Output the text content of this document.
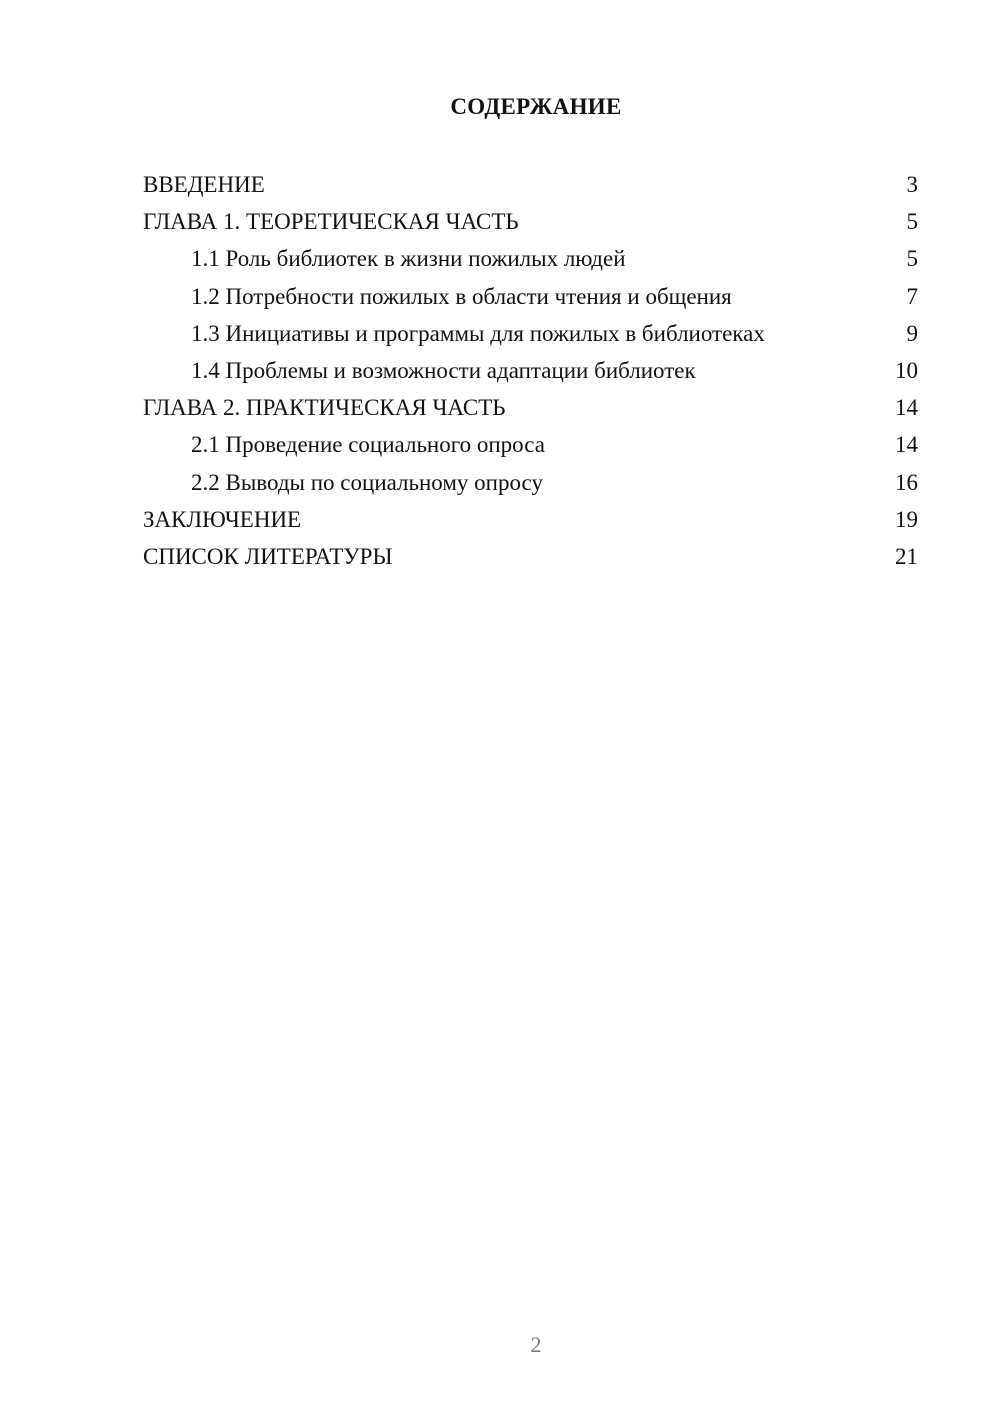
СОДЕРЖАНИЕ
ВВЕДЕНИЕ	3
ГЛАВА 1. ТЕОРЕТИЧЕСКАЯ ЧАСТЬ	5
1.1 Роль библиотек в жизни пожилых людей	5
1.2 Потребности пожилых в области чтения и общения	7
1.3 Инициативы и программы для пожилых в библиотеках	9
1.4 Проблемы и возможности адаптации библиотек	10
ГЛАВА 2. ПРАКТИЧЕСКАЯ ЧАСТЬ	14
2.1 Проведение социального опроса	14
2.2 Выводы по социальному опросу	16
ЗАКЛЮЧЕНИЕ	19
СПИСОК ЛИТЕРАТУРЫ	21
2
